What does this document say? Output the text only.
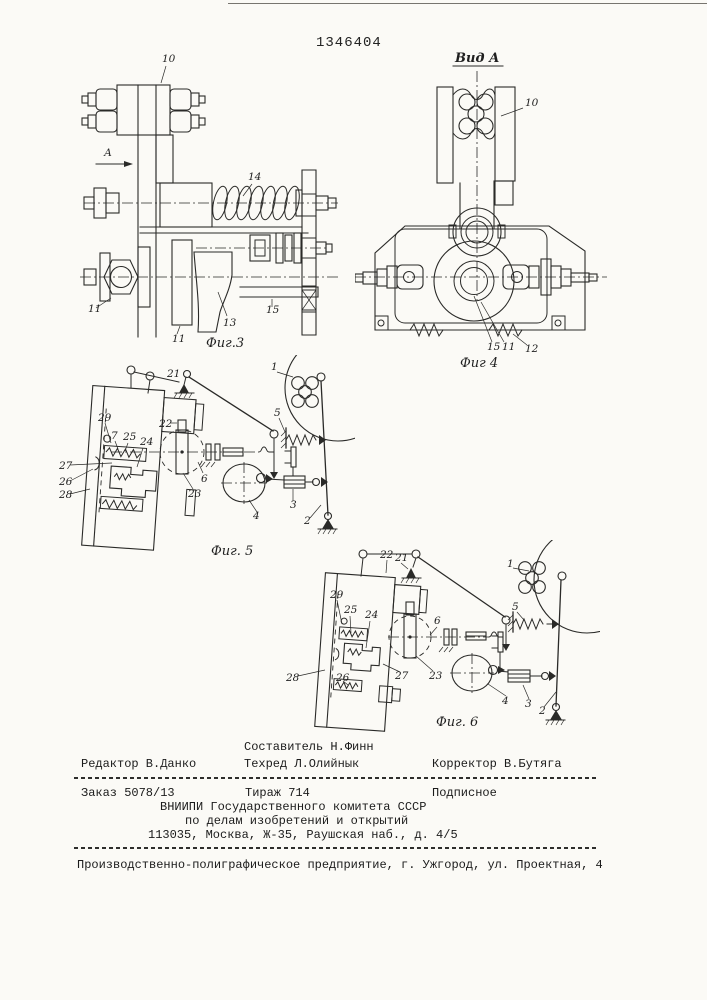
1346404
А
10
14
11
11
13
15
Фиг.3
Вид А
10
15 11 12
Фиг 4
21
1
5
22
29
7 25 24
27
26
28	23
6
4
3
2
Фиг. 5	22 21	1
29
25 24	6
5
28	26	27 23
4 3
2
Фиг. 6
Составитель Н.Финн
Редактор В.Данко	Техред Л.Олийнык	Корректор В.Бутяга
Заказ 5078/13	Тираж 714	Подписное
ВНИИПИ Государственного комитета СССР
по делам изобретений и открытий
113035, Москва, Ж-35, Раушская наб., д. 4/5
Производственно-полиграфическое предприятие, г. Ужгород, ул. Проектная, 4
